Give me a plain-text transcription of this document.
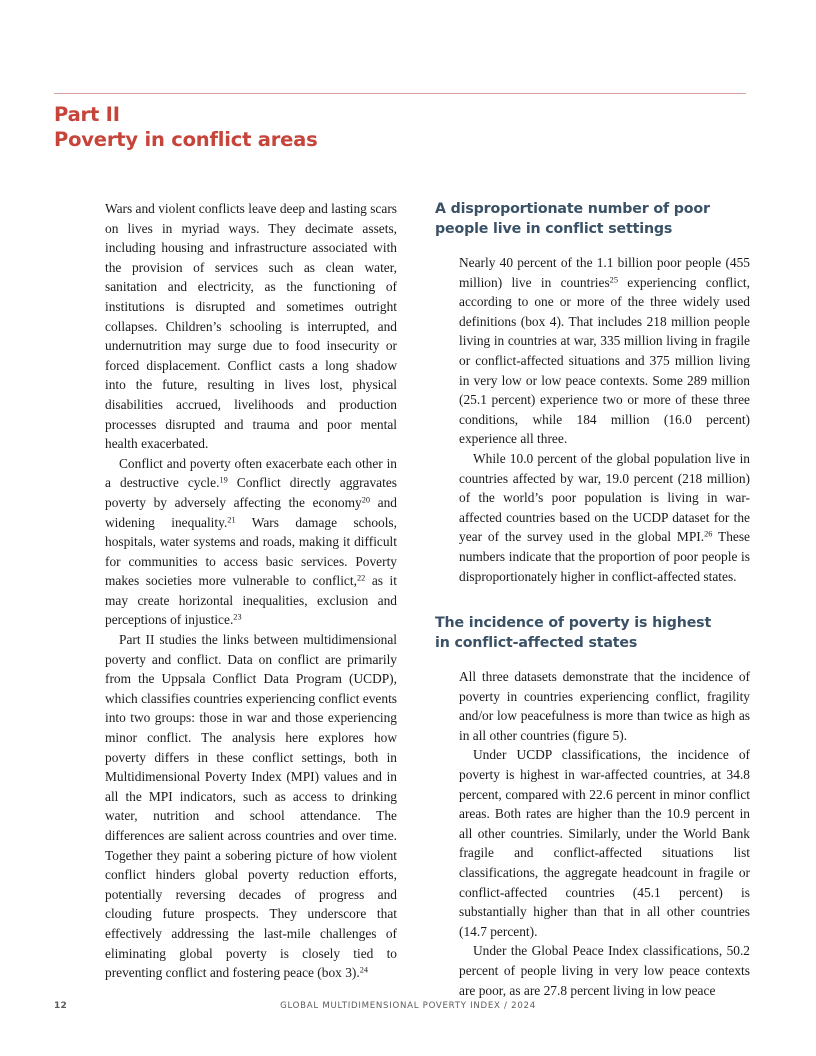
Part II
Poverty in conflict areas

Wars and violent conflicts leave deep and lasting scars on lives in myriad ways. They decimate assets, including housing and infrastructure associated with the provision of services such as clean water, sanitation and electricity, as the functioning of institutions is disrupted and sometimes outright collapses. Children’s schooling is interrupted, and undernutrition may surge due to food insecurity or forced displacement. Conflict casts a long shadow into the future, resulting in lives lost, physical disabilities accrued, livelihoods and production processes disrupted and trauma and poor mental health exacerbated.

Conflict and poverty often exacerbate each other in a destructive cycle.$^{19}$ Conflict directly aggravates poverty by adversely affecting the economy$^{20}$ and widening inequality.$^{21}$ Wars damage schools, hospitals, water systems and roads, making it difficult for communities to access basic services. Poverty makes societies more vulnerable to conflict,$^{22}$ as it may create horizontal inequalities, exclusion and perceptions of injustice.$^{23}$

Part II studies the links between multidimensional poverty and conflict. Data on conflict are primarily from the Uppsala Conflict Data Program (UCDP), which classifies countries experiencing conflict events into two groups: those in war and those experiencing minor conflict. The analysis here explores how poverty differs in these conflict settings, both in Multidimensional Poverty Index (MPI) values and in all the MPI indicators, such as access to drinking water, nutrition and school attendance. The differences are salient across countries and over time. Together they paint a sobering picture of how violent conflict hinders global poverty reduction efforts, potentially reversing decades of progress and clouding future prospects. They underscore that effectively addressing the last-mile challenges of eliminating global poverty is closely tied to preventing conflict and fostering peace (box 3).$^{24}$

A disproportionate number of poor
people live in conflict settings

Nearly 40 percent of the 1.1 billion poor people (455 million) live in countries$^{25}$ experiencing conflict, according to one or more of the three widely used definitions (box 4). That includes 218 million people living in countries at war, 335 million living in fragile or conflict-affected situations and 375 million living in very low or low peace contexts. Some 289 million (25.1 percent) experience two or more of these three conditions, while 184 million (16.0 percent) experience all three.

While 10.0 percent of the global population live in countries affected by war, 19.0 percent (218 million) of the world’s poor population is living in war-affected countries based on the UCDP dataset for the year of the survey used in the global MPI.$^{26}$ These numbers indicate that the proportion of poor people is disproportionately higher in conflict-affected states.

The incidence of poverty is highest
in conflict-affected states

All three datasets demonstrate that the incidence of poverty in countries experiencing conflict, fragility and/or low peacefulness is more than twice as high as in all other countries (figure 5).

Under UCDP classifications, the incidence of poverty is highest in war-affected countries, at 34.8 percent, compared with 22.6 percent in minor conflict areas. Both rates are higher than the 10.9 percent in all other countries. Similarly, under the World Bank fragile and conflict-affected situations list classifications, the aggregate headcount in fragile or conflict-affected countries (45.1 percent) is substantially higher than that in all other countries (14.7 percent).

Under the Global Peace Index classifications, 50.2 percent of people living in very low peace contexts are poor, as are 27.8 percent living in low peace

12	GLOBAL MULTIDIMENSIONAL POVERTY INDEX / 2024
